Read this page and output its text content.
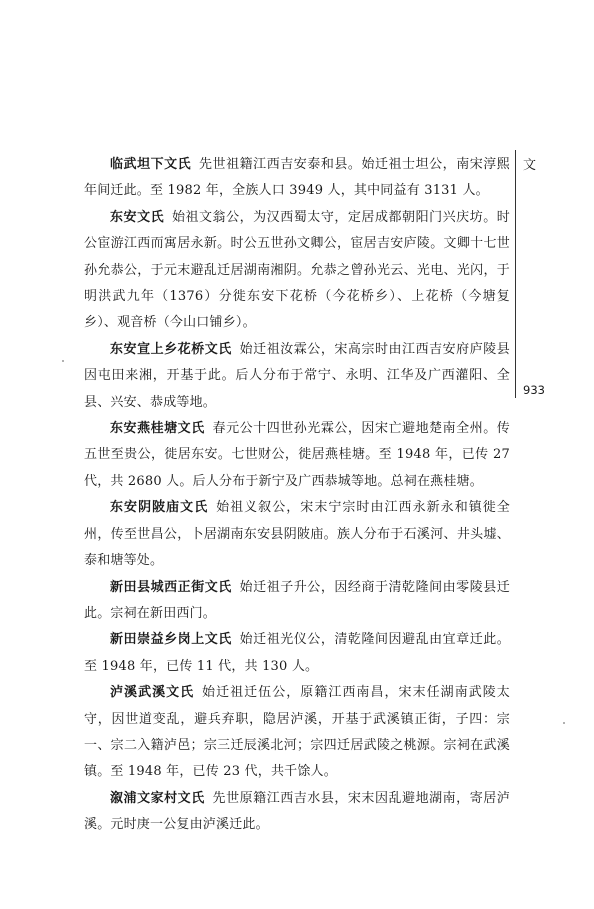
文
933

临武坦下文氏 先世祖籍江西吉安泰和县。始迁祖士坦公，南宋淳熙年间迁此。至 1982 年，全族人口 3949 人，其中同益有 3131 人。

东安文氏 始祖文翁公，为汉西蜀太守，定居成都朝阳门兴庆坊。时公宦游江西而寓居永新。时公五世孙文卿公，宦居吉安庐陵。文卿十七世孙允恭公，于元末避乱迁居湖南湘阴。允恭之曾孙光云、光电、光闪，于明洪武九年（1376）分徙东安下花桥（今花桥乡）、上花桥（今塘复乡）、观音桥（今山口铺乡）。

东安宣上乡花桥文氏 始迁祖汝霖公，宋高宗时由江西吉安府庐陵县因屯田来湘，开基于此。后人分布于常宁、永明、江华及广西灌阳、全县、兴安、恭成等地。

东安燕桂塘文氏 春元公十四世孙光霖公，因宋亡避地楚南全州。传五世至贵公，徙居东安。七世财公，徙居燕桂塘。至 1948 年，已传 27 代，共 2680 人。后人分布于新宁及广西恭城等地。总祠在燕桂塘。

东安阴陂庙文氏 始祖义叙公，宋末宁宗时由江西永新永和镇徙全州，传至世昌公，卜居湖南东安县阴陂庙。族人分布于石溪河、井头墟、泰和塘等处。

新田县城西正街文氏 始迁祖子升公，因经商于清乾隆间由零陵县迁此。宗祠在新田西门。

新田崇益乡岗上文氏 始迁祖光仪公，清乾隆间因避乱由宜章迁此。至 1948 年，已传 11 代，共 130 人。

泸溪武溪文氏 始迁祖迁伍公，原籍江西南昌，宋末任湖南武陵太守，因世道变乱，避兵弃职，隐居泸溪，开基于武溪镇正街，子四：宗一、宗二入籍泸邑；宗三迁辰溪北河；宗四迁居武陵之桃源。宗祠在武溪镇。至 1948 年，已传 23 代，共千馀人。

溆浦文家村文氏 先世原籍江西吉水县，宋末因乱避地湖南，寄居泸溪。元时庚一公复由泸溪迁此。
